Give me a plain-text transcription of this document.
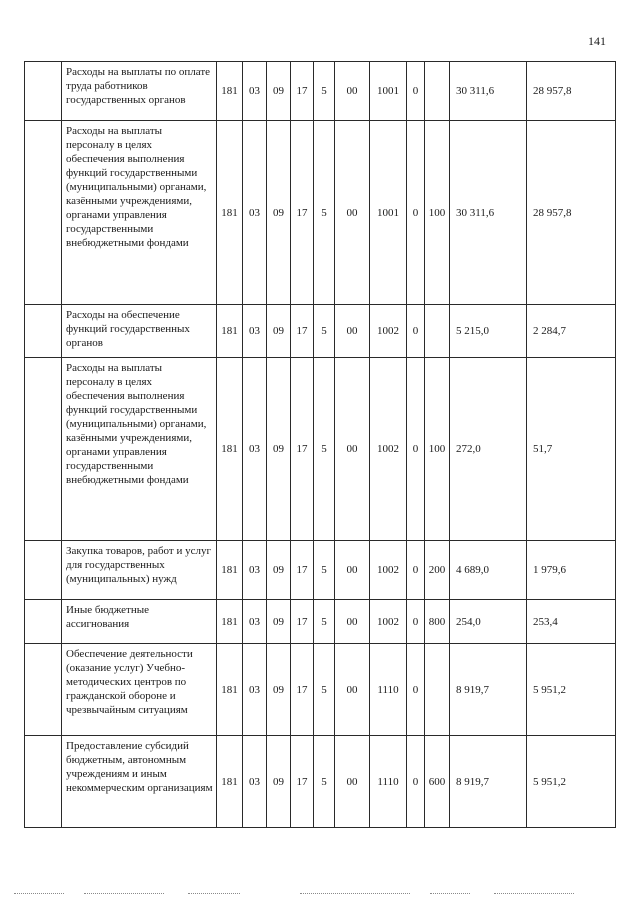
141
	Расходы на выплаты по оплате труда работников государственных органов	181	03	09	17	5	00	1001	0		30 311,6	28 957,8
	Расходы на выплаты персоналу в целях обеспечения выполнения функций государственными (муниципальными) органами, казёнными учреждениями, органами управления государственными внебюджетными фондами	181	03	09	17	5	00	1001	0	100	30 311,6	28 957,8
	Расходы на обеспечение функций государственных органов	181	03	09	17	5	00	1002	0		5 215,0	2 284,7
	Расходы на выплаты персоналу в целях обеспечения выполнения функций государственными (муниципальными) органами, казёнными учреждениями, органами управления государственными внебюджетными фондами	181	03	09	17	5	00	1002	0	100	272,0	51,7
	Закупка товаров, работ и услуг для государственных (муниципальных) нужд	181	03	09	17	5	00	1002	0	200	4 689,0	1 979,6
	Иные бюджетные ассигнования	181	03	09	17	5	00	1002	0	800	254,0	253,4
	Обеспечение деятельности (оказание услуг) Учебно-методических центров по гражданской обороне и чрезвычайным ситуациям	181	03	09	17	5	00	1110	0		8 919,7	5 951,2
	Предоставление субсидий бюджетным, автономным учреждениям и иным некоммерческим организациям	181	03	09	17	5	00	1110	0	600	8 919,7	5 951,2
